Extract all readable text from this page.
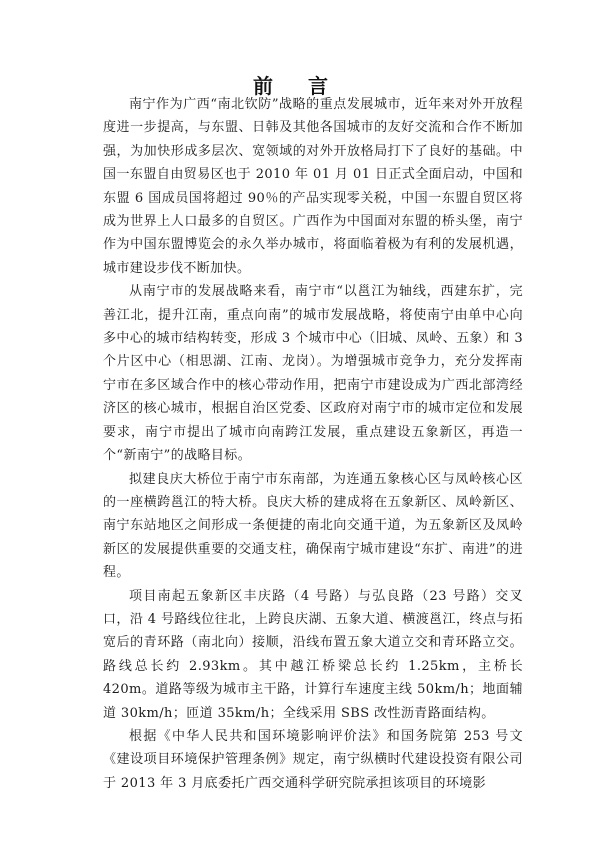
前 言

南宁作为广西“南北钦防”战略的重点发展城市，近年来对外开放程度进一步提高，与东盟、日韩及其他各国城市的友好交流和合作不断加强，为加快形成多层次、宽领域的对外开放格局打下了良好的基础。中国一东盟自由贸易区也于 2010 年 01 月 01 日正式全面启动，中国和东盟 6 国成员国将超过 90％的产品实现零关税，中国一东盟自贸区将成为世界上人口最多的自贸区。广西作为中国面对东盟的桥头堡，南宁作为中国东盟博览会的永久举办城市，将面临着极为有利的发展机遇，城市建设步伐不断加快。

从南宁市的发展战略来看，南宁市“以邕江为轴线，西建东扩，完善江北，提升江南，重点向南”的城市发展战略，将使南宁由单中心向多中心的城市结构转变，形成 3 个城市中心（旧城、凤岭、五象）和 3 个片区中心（相思湖、江南、龙岗）。为增强城市竞争力，充分发挥南宁市在多区域合作中的核心带动作用，把南宁市建设成为广西北部湾经济区的核心城市，根据自治区党委、区政府对南宁市的城市定位和发展要求，南宁市提出了城市向南跨江发展，重点建设五象新区，再造一个“新南宁”的战略目标。

拟建良庆大桥位于南宁市东南部，为连通五象核心区与凤岭核心区的一座横跨邕江的特大桥。良庆大桥的建成将在五象新区、凤岭新区、南宁东站地区之间形成一条便捷的南北向交通干道，为五象新区及凤岭新区的发展提供重要的交通支柱，确保南宁城市建设“东扩、南进”的进程。

项目南起五象新区丰庆路（4 号路）与弘良路（23 号路）交叉口，沿 4 号路线位往北，上跨良庆湖、五象大道、横渡邕江，终点与拓宽后的青环路（南北向）接顺，沿线布置五象大道立交和青环路立交。路线总长约 2.93km。其中越江桥梁总长约 1.25km，主桥长 420m。道路等级为城市主干路，计算行车速度主线 50km/h；地面辅道 30km/h；匝道 35km/h；全线采用 SBS 改性沥青路面结构。

根据《中华人民共和国环境影响评价法》和国务院第 253 号文《建设项目环境保护管理条例》规定，南宁纵横时代建设投资有限公司于 2013 年 3 月底委托广西交通科学研究院承担该项目的环境影
